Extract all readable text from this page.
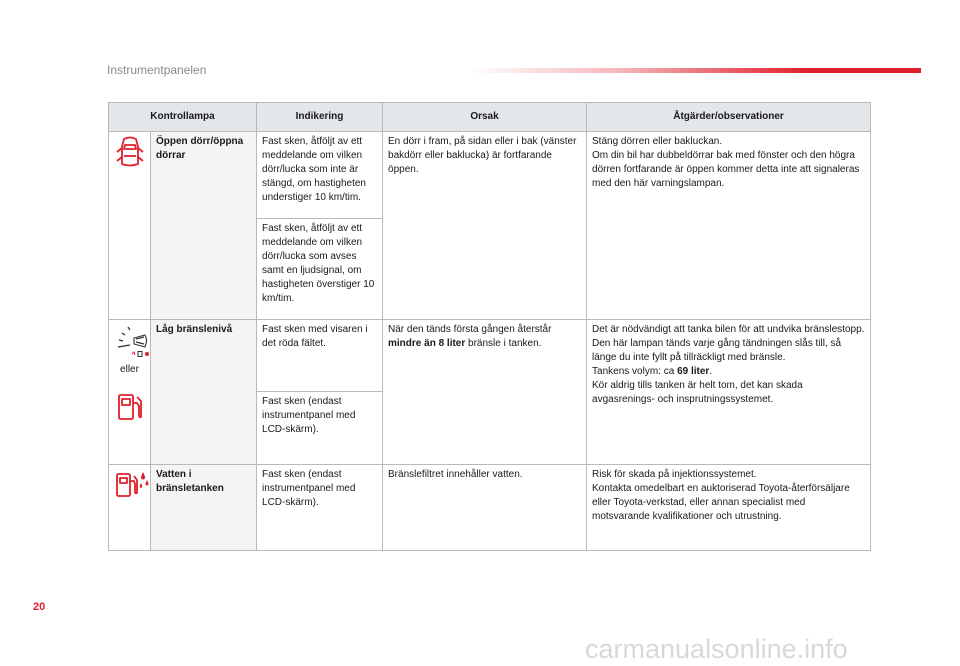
Instrumentpanelen
Kontrollampa		Indikering	Orsak	Åtgärder/observationer

	Öppen dörr/öppna dörrar	Fast sken, åtföljt av ett meddelande om vilken dörr/lucka som inte är stängd, om hastigheten understiger 10 km/tim.	En dörr i fram, på sidan eller i bak (vänster bakdörr eller baklucka) är fortfarande öppen.	Stäng dörren eller bakluckan.
Om din bil har dubbeldörrar bak med fönster och den högra dörren fortfarande är öppen kommer detta inte att signaleras med den här varningslampan.

		Fast sken, åtföljt av ett meddelande om vilken dörr/lucka som avses samt en ljudsignal, om hastigheten överstiger 10 km/tim.		

eller	Låg bränslenivå	Fast sken med visaren i det röda fältet.	När den tänds första gången återstår mindre än 8 liter bränsle i tanken.	Det är nödvändigt att tanka bilen för att undvika bränslestopp.
Den här lampan tänds varje gång tändningen slås till, så länge du inte fyllt på tillräckligt med bränsle.
Tankens volym: ca 69 liter.
Kör aldrig tills tanken är helt tom, det kan skada avgasrenings- och insprutningssystemet.

		Fast sken (endast instrumentpanel med LCD-skärm).		

	Vatten i bränsletanken	Fast sken (endast instrumentpanel med LCD-skärm).	Bränslefiltret innehåller vatten.	Risk för skada på injektionssystemet.
Kontakta omedelbart en auktoriserad Toyota-återförsäljare eller Toyota-verkstad, eller annan specialist med motsvarande kvalifikationer och utrustning.
20
carmanualsonline.info
